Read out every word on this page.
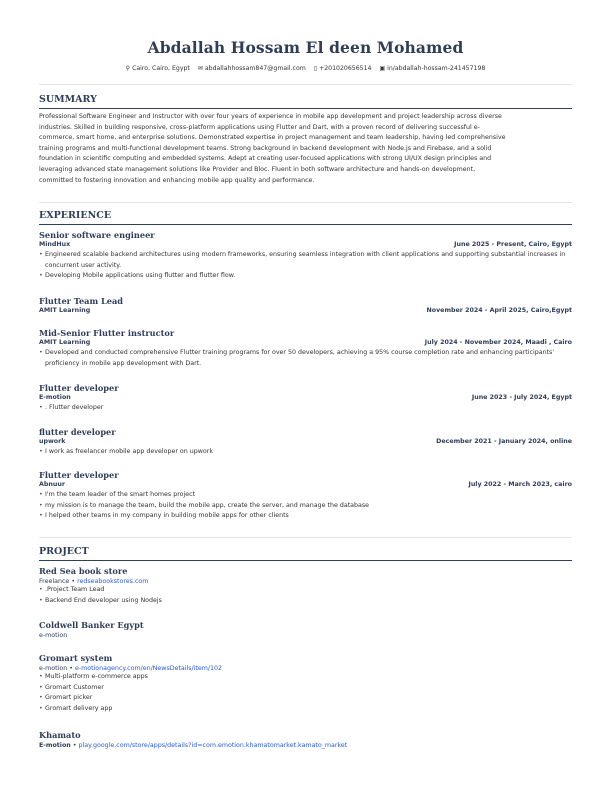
Abdallah Hossam El deen Mohamed
⚲ Cairo, Cairo, Egypt ✉ abdallahhossam847@gmail.com ▯ +201020656514 ▣ in/abdallah-hossam-241457198
SUMMARY
Professional Software Engineer and Instructor with over four years of experience in mobile app development and project leadership across diverse
industries. Skilled in building responsive, cross-platform applications using Flutter and Dart, with a proven record of delivering successful e-
commerce, smart home, and enterprise solutions. Demonstrated expertise in project management and team leadership, having led comprehensive
training programs and multi-functional development teams. Strong background in backend development with Node.js and Firebase, and a solid
foundation in scientific computing and embedded systems. Adept at creating user-focused applications with strong UI/UX design principles and
leveraging advanced state management solutions like Provider and Bloc. Fluent in both software architecture and hands-on development,
committed to fostering innovation and enhancing mobile app quality and performance.
EXPERIENCE
Senior software engineer
MindHux	June 2025 - Present, Cairo, Egypt
• Engineered scalable backend architectures using modern frameworks, ensuring seamless integration with client applications and supporting substantial increases in concurrent user activity.
• Developing Mobile applications using flutter and flutter flow.
Flutter Team Lead
AMIT Learning	November 2024 - April 2025, Cairo,Egypt
Mid-Senior Flutter instructor
AMIT Learning	July 2024 - November 2024, Maadi , Cairo
• Developed and conducted comprehensive Flutter training programs for over 50 developers, achieving a 95% course completion rate and enhancing participants' proficiency in mobile app development with Dart.
Flutter developer
E-motion	June 2023 - July 2024, Egypt
• . Flutter developer
flutter developer
upwork	December 2021 - January 2024, online
• I work as freelancer mobile app developer on upwork
Flutter developer
Abnuur	July 2022 - March 2023, cairo
• I'm the team leader of the smart homes project
• my mission is to manage the team, build the mobile app, create the server, and manage the database
• I helped other teams in my company in building mobile apps for other clients
PROJECT
Red Sea book store
Freelance • redseabookstores.com
• .Project Team Lead
• Backend End developer using Nodejs
Coldwell Banker Egypt
e-motion
Gromart system
e-motion • e-motionagency.com/en/NewsDetails/item/102
• Multi-platform e-commerce apps
• Gromart Customer
• Gromart picker
• Gromart delivery app
Khamato
E-motion • play.google.com/store/apps/details?id=com.emotion.khamatomarket.kamato_market
